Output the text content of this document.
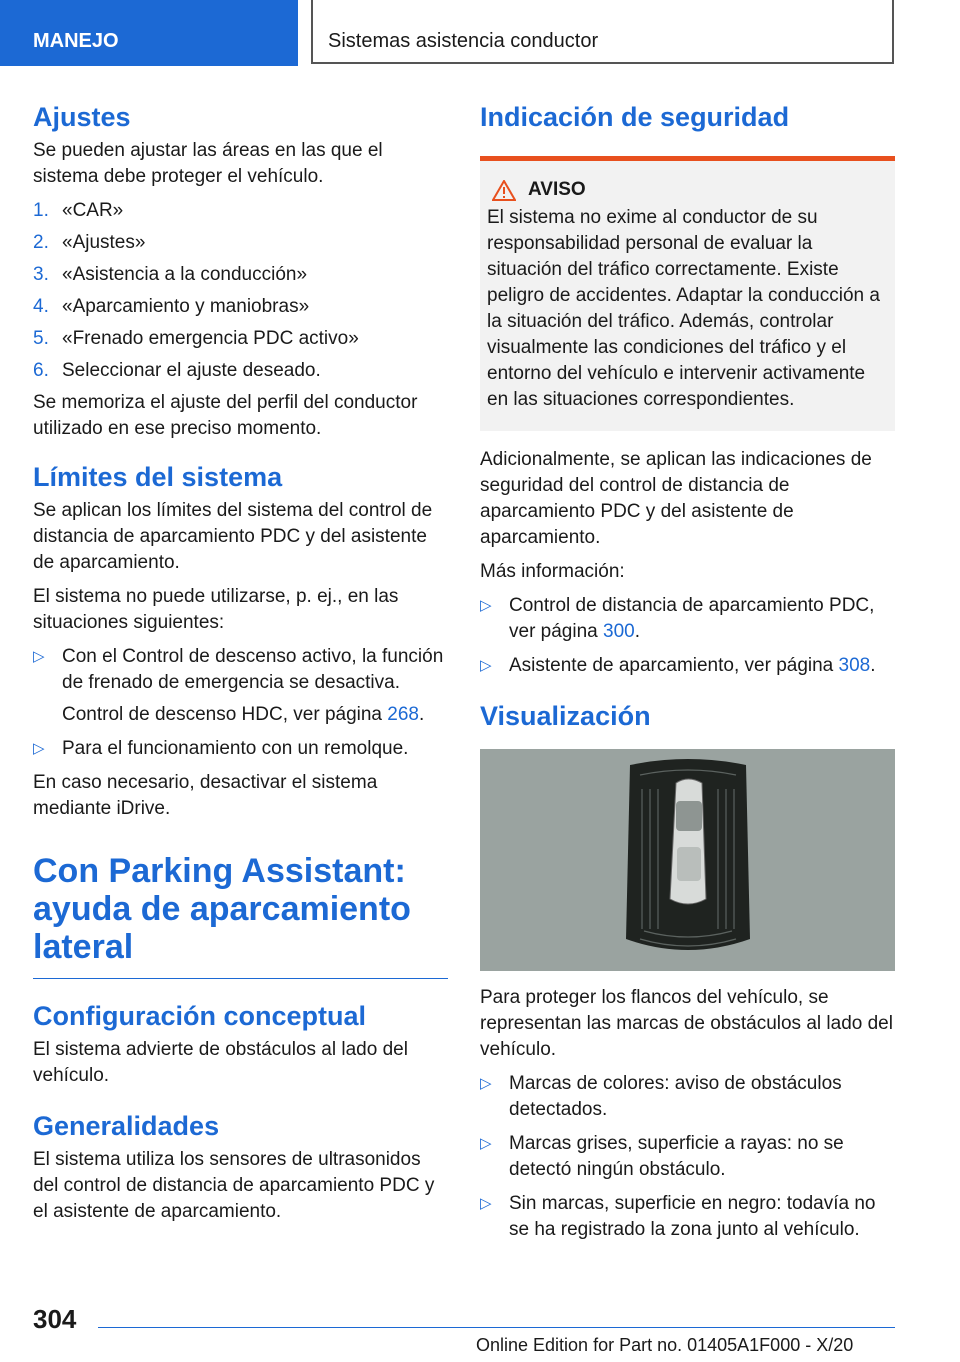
MANEJO	Sistemas asistencia conductor
Ajustes

Se pueden ajustar las áreas en las que el sistema debe proteger el vehículo.

1. «CAR»
2. «Ajustes»
3. «Asistencia a la conducción»
4. «Aparcamiento y maniobras»
5. «Frenado emergencia PDC activo»
6. Seleccionar el ajuste deseado.

Se memoriza el ajuste del perfil del conductor utilizado en ese preciso momento.

Límites del sistema

Se aplican los límites del sistema del control de distancia de aparcamiento PDC y del asistente de aparcamiento.

El sistema no puede utilizarse, p. ej., en las situaciones siguientes:

▷ Con el Control de descenso activo, la función de frenado de emergencia se desactiva.
Control de descenso HDC, ver página 268.
▷ Para el funcionamiento con un remolque.

En caso necesario, desactivar el sistema mediante iDrive.

Con Parking Assistant: ayuda de aparcamiento lateral
Configuración conceptual

El sistema advierte de obstáculos al lado del vehículo.

Generalidades

El sistema utiliza los sensores de ultrasonidos del control de distancia de aparcamiento PDC y el asistente de aparcamiento.

Indicación de seguridad
AVISO

El sistema no exime al conductor de su responsabilidad personal de evaluar la situación del tráfico correctamente. Existe peligro de accidentes. Adaptar la conducción a la situación del tráfico. Además, controlar visualmente las condiciones del tráfico y el entorno del vehículo e intervenir activamente en las situaciones correspondientes.

Adicionalmente, se aplican las indicaciones de seguridad del control de distancia de aparcamiento PDC y del asistente de aparcamiento.

Más información:

▷ Control de distancia de aparcamiento PDC, ver página 300.
▷ Asistente de aparcamiento, ver página 308.
Visualización

Para proteger los flancos del vehículo, se representan las marcas de obstáculos al lado del vehículo.

▷ Marcas de colores: aviso de obstáculos detectados.
▷ Marcas grises, superficie a rayas: no se detectó ningún obstáculo.
▷ Sin marcas, superficie en negro: todavía no se ha registrado la zona junto al vehículo.
304
Online Edition for Part no. 01405A1F000 - X/20
